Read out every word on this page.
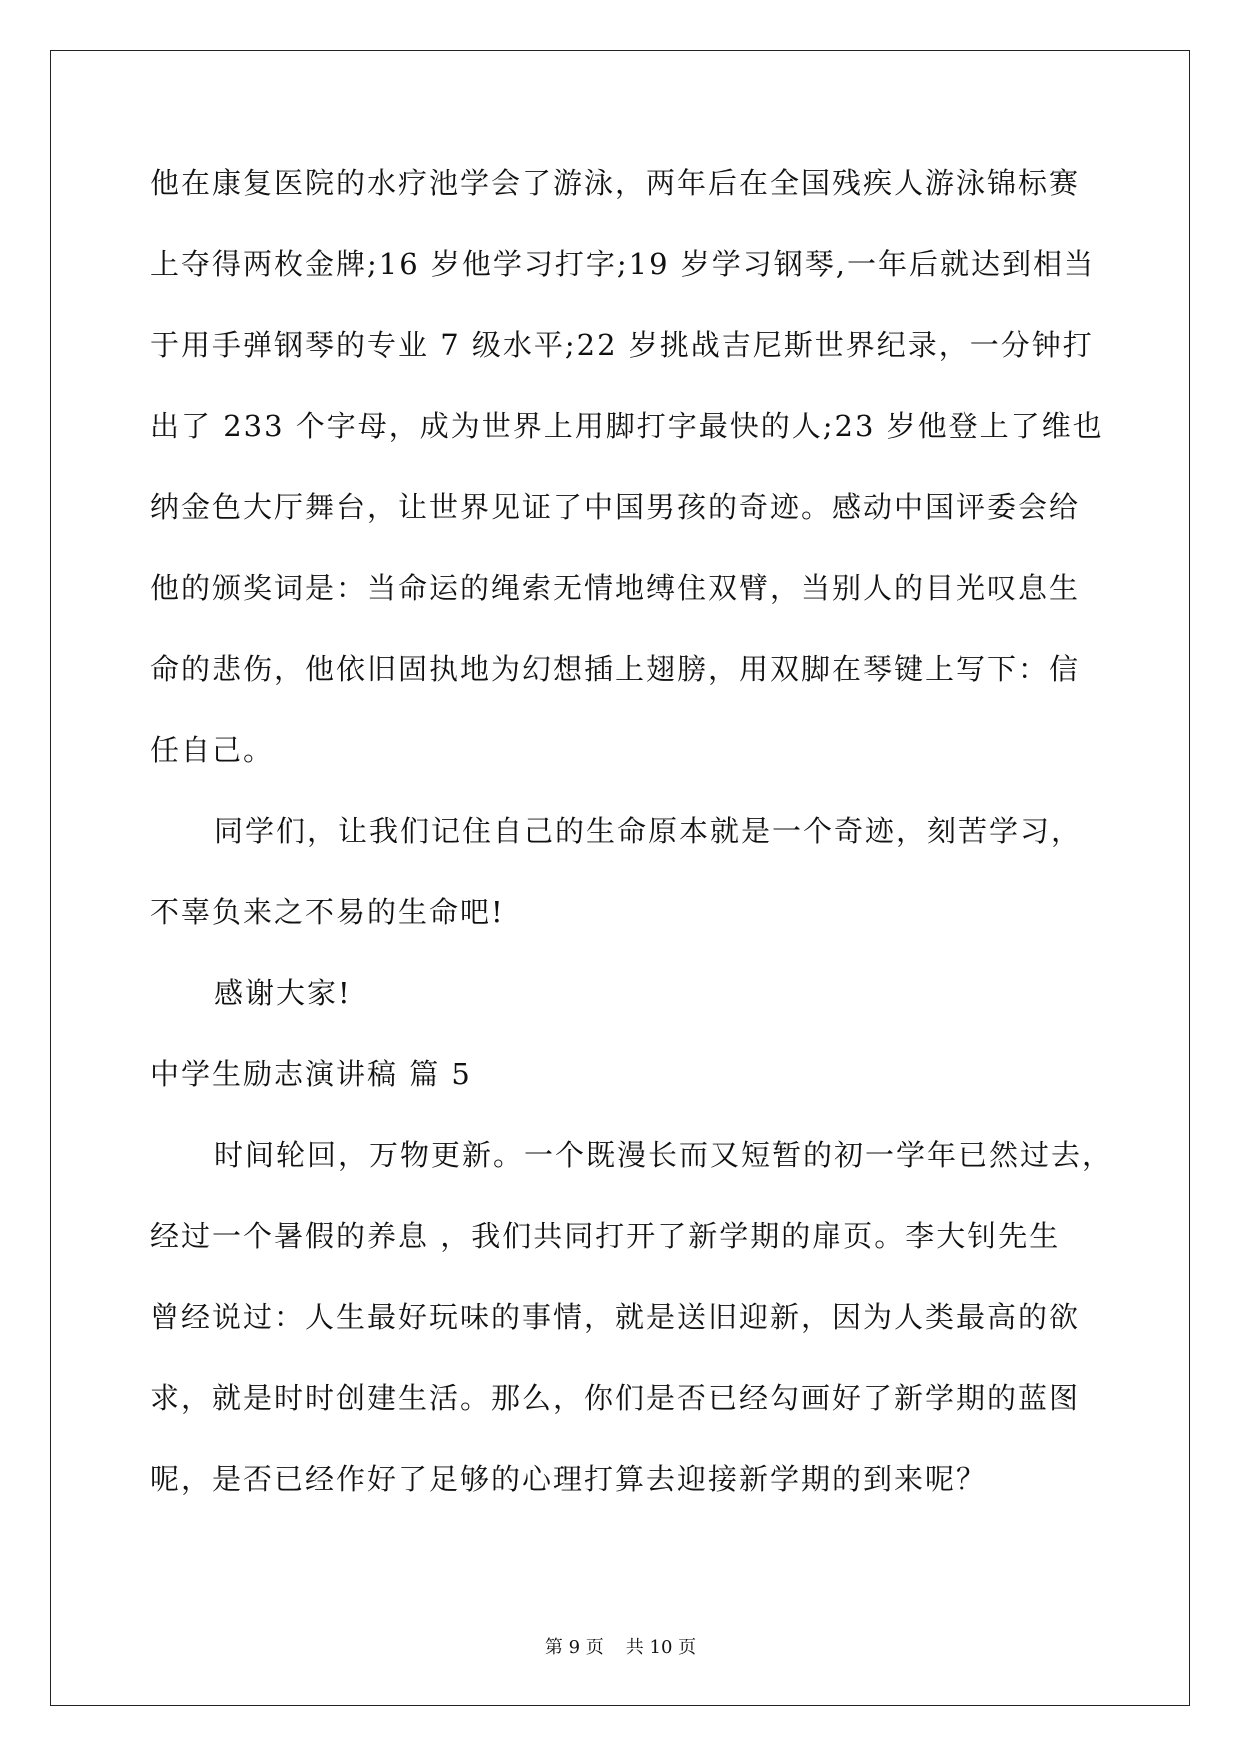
他在康复医院的水疗池学会了游泳，两年后在全国残疾人游泳锦标赛
上夺得两枚金牌;16 岁他学习打字;19 岁学习钢琴,一年后就达到相当
于用手弹钢琴的专业 7 级水平;22 岁挑战吉尼斯世界纪录，一分钟打
出了 233 个字母，成为世界上用脚打字最快的人;23 岁他登上了维也
纳金色大厅舞台，让世界见证了中国男孩的奇迹。感动中国评委会给
他的颁奖词是：当命运的绳索无情地缚住双臂，当别人的目光叹息生
命的悲伤，他依旧固执地为幻想插上翅膀，用双脚在琴键上写下：信
任自己。
同学们，让我们记住自己的生命原本就是一个奇迹，刻苦学习，
不辜负来之不易的生命吧!
感谢大家!
中学生励志演讲稿 篇 5
时间轮回，万物更新。一个既漫长而又短暂的初一学年已然过去，
经过一个暑假的养息 ，我们共同打开了新学期的扉页。李大钊先生
曾经说过：人生最好玩味的事情，就是送旧迎新，因为人类最高的欲
求，就是时时创建生活。那么，你们是否已经勾画好了新学期的蓝图
呢，是否已经作好了足够的心理打算去迎接新学期的到来呢？
第 9 页 共 10 页
